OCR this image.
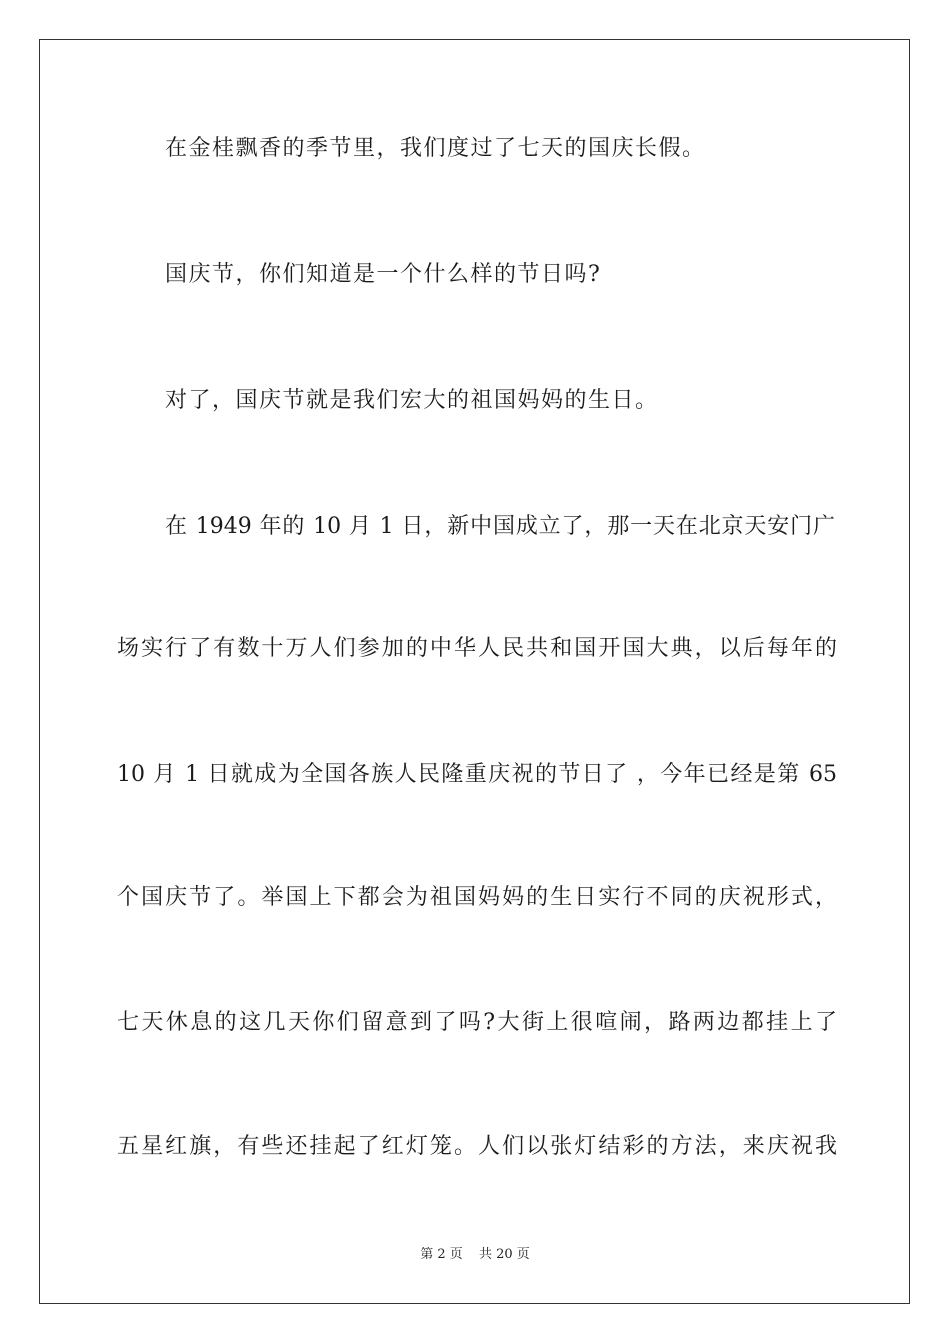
在金桂飘香的季节里，我们度过了七天的国庆长假。
国庆节，你们知道是一个什么样的节日吗?
对了，国庆节就是我们宏大的祖国妈妈的生日。
在 1949 年的 10 月 1 日，新中国成立了，那一天在北京天安门广
场实行了有数十万人们参加的中华人民共和国开国大典，以后每年的
10 月 1 日就成为全国各族人民隆重庆祝的节日了 ，今年已经是第 65
个国庆节了。举国上下都会为祖国妈妈的生日实行不同的庆祝形式，
七天休息的这几天你们留意到了吗?大街上很喧闹，路两边都挂上了
五星红旗，有些还挂起了红灯笼。人们以张灯结彩的方法，来庆祝我
第 2 页 共 20 页
